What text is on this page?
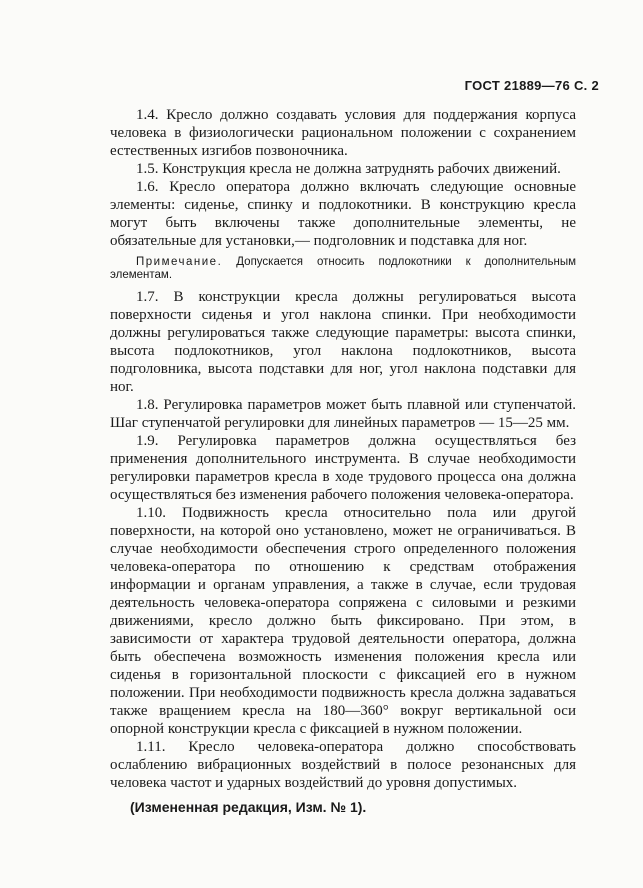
ГОСТ 21889—76 С. 2

1.4. Кресло должно создавать условия для поддержания корпуса человека в физиологически рациональном положении с сохранением естественных изгибов позвоночника.

1.5. Конструкция кресла не должна затруднять рабочих движений.

1.6. Кресло оператора должно включать следующие основные элементы: сиденье, спинку и подлокотники. В конструкцию кресла могут быть включены также дополнительные элементы, не обязательные для установки,— подголовник и подставка для ног.

Примечание. Допускается относить подлокотники к дополнительным элементам.

1.7. В конструкции кресла должны регулироваться высота поверхности сиденья и угол наклона спинки. При необходимости должны регулироваться также следующие параметры: высота спинки, высота подлокотников, угол наклона подлокотников, высота подголовника, высота подставки для ног, угол наклона подставки для ног.

1.8. Регулировка параметров может быть плавной или ступенчатой. Шаг ступенчатой регулировки для линейных параметров — 15—25 мм.

1.9. Регулировка параметров должна осуществляться без применения дополнительного инструмента. В случае необходимости регулировки параметров кресла в ходе трудового процесса она должна осуществляться без изменения рабочего положения человека-оператора.

1.10. Подвижность кресла относительно пола или другой поверхности, на которой оно установлено, может не ограничиваться. В случае необходимости обеспечения строго определенного положения человека-оператора по отношению к средствам отображения информации и органам управления, а также в случае, если трудовая деятельность человека-оператора сопряжена с силовыми и резкими движениями, кресло должно быть фиксировано. При этом, в зависимости от характера трудовой деятельности оператора, должна быть обеспечена возможность изменения положения кресла или сиденья в горизонтальной плоскости с фиксацией его в нужном положении. При необходимости подвижность кресла должна задаваться также вращением кресла на 180—360° вокруг вертикальной оси опорной конструкции кресла с фиксацией в нужном положении.

1.11. Кресло человека-оператора должно способствовать ослаблению вибрационных воздействий в полосе резонансных для человека частот и ударных воздействий до уровня допустимых.

(Измененная редакция, Изм. № 1).
